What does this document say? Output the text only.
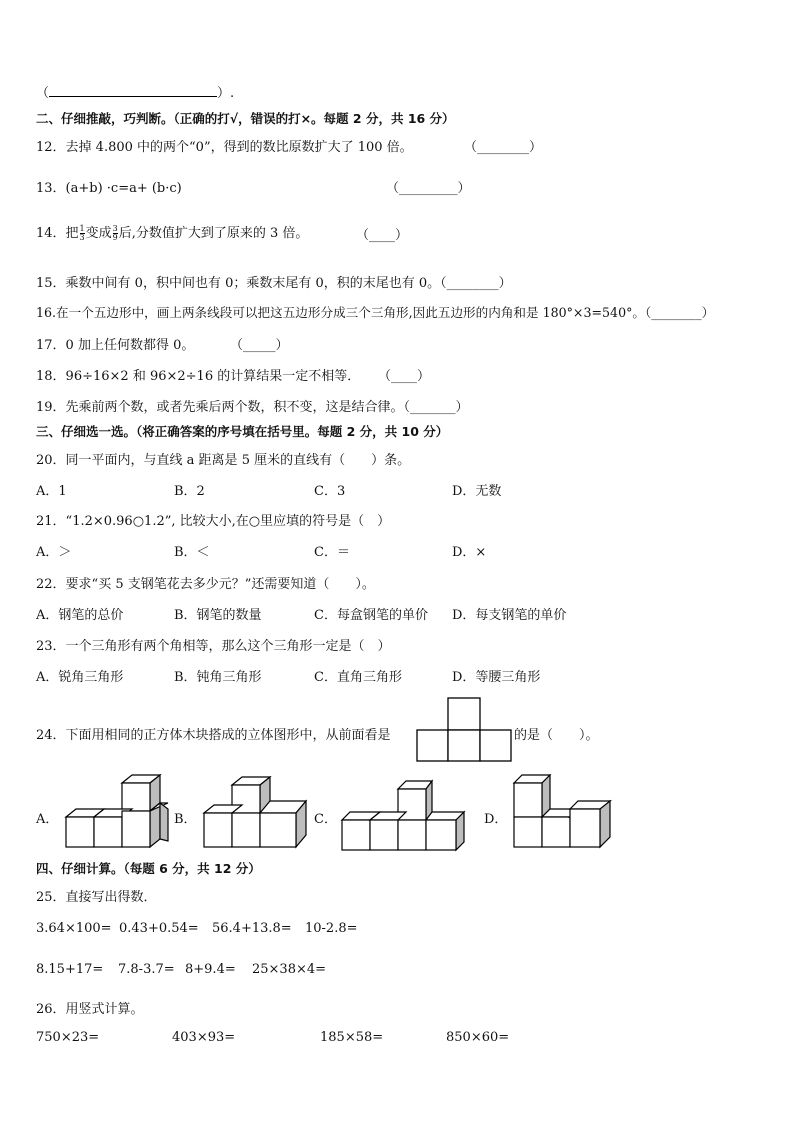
（	）.
二、仔细推敲，巧判断。（正确的打√，错误的打×。每题 2 分，共 16 分）
12．去掉 4.800 中的两个“0”，得到的数比原数扩大了 100 倍。	（________）
13．(a+b) ·c=a+ (b·c)	（_________）
14．把 $\frac{1}{3}$ 变成 $\frac{3}{9}$ 后,分数值扩大到了原来的 3 倍。	（____）
15．乘数中间有 0，积中间也有 0；乘数末尾有 0，积的末尾也有 0。（________）
16.在一个五边形中，画上两条线段可以把这五边形分成三个三角形,因此五边形的内角和是 180°×3=540°。（________）
17．0 加上任何数都得 0。	（_____）
18．96÷16×2 和 96×2÷16 的计算结果一定不相等． （____）
19．先乘前两个数，或者先乘后两个数，积不变，这是结合律。（_______）
三、仔细选一选。（将正确答案的序号填在括号里。每题 2 分，共 10 分）
20．同一平面内，与直线 a 距离是 5 厘米的直线有（　　）条。
A．1	B．2	C．3	D．无数
21．“1.2×0.96○1.2”, 比较大小,在○里应填的符号是（　）
A．＞	B．＜	C．＝	D．×
22．要求“买 5 支钢笔花去多少元？”还需要知道（　　）。
A．钢笔的总价	B．钢笔的数量	C．每盒钢笔的单价 D．每支钢笔的单价
23．一个三角形有两个角相等，那么这个三角形一定是（　）
A．锐角三角形	B．钝角三角形	C．直角三角形	D．等腰三角形
24．下面用相同的正方体木块搭成的立体图形中，从前面看是	的是（　　）。
A．	B．	C．	D．
四、仔细计算。（每题 6 分，共 12 分）
25．直接写出得数．
3.64×100= 0.43+0.54= 56.4+13.8= 10-2.8=
8.15+17= 7.8-3.7= 8+9.4= 25×38×4=
26．用竖式计算。
750×23=	403×93=	185×58=	850×60=
